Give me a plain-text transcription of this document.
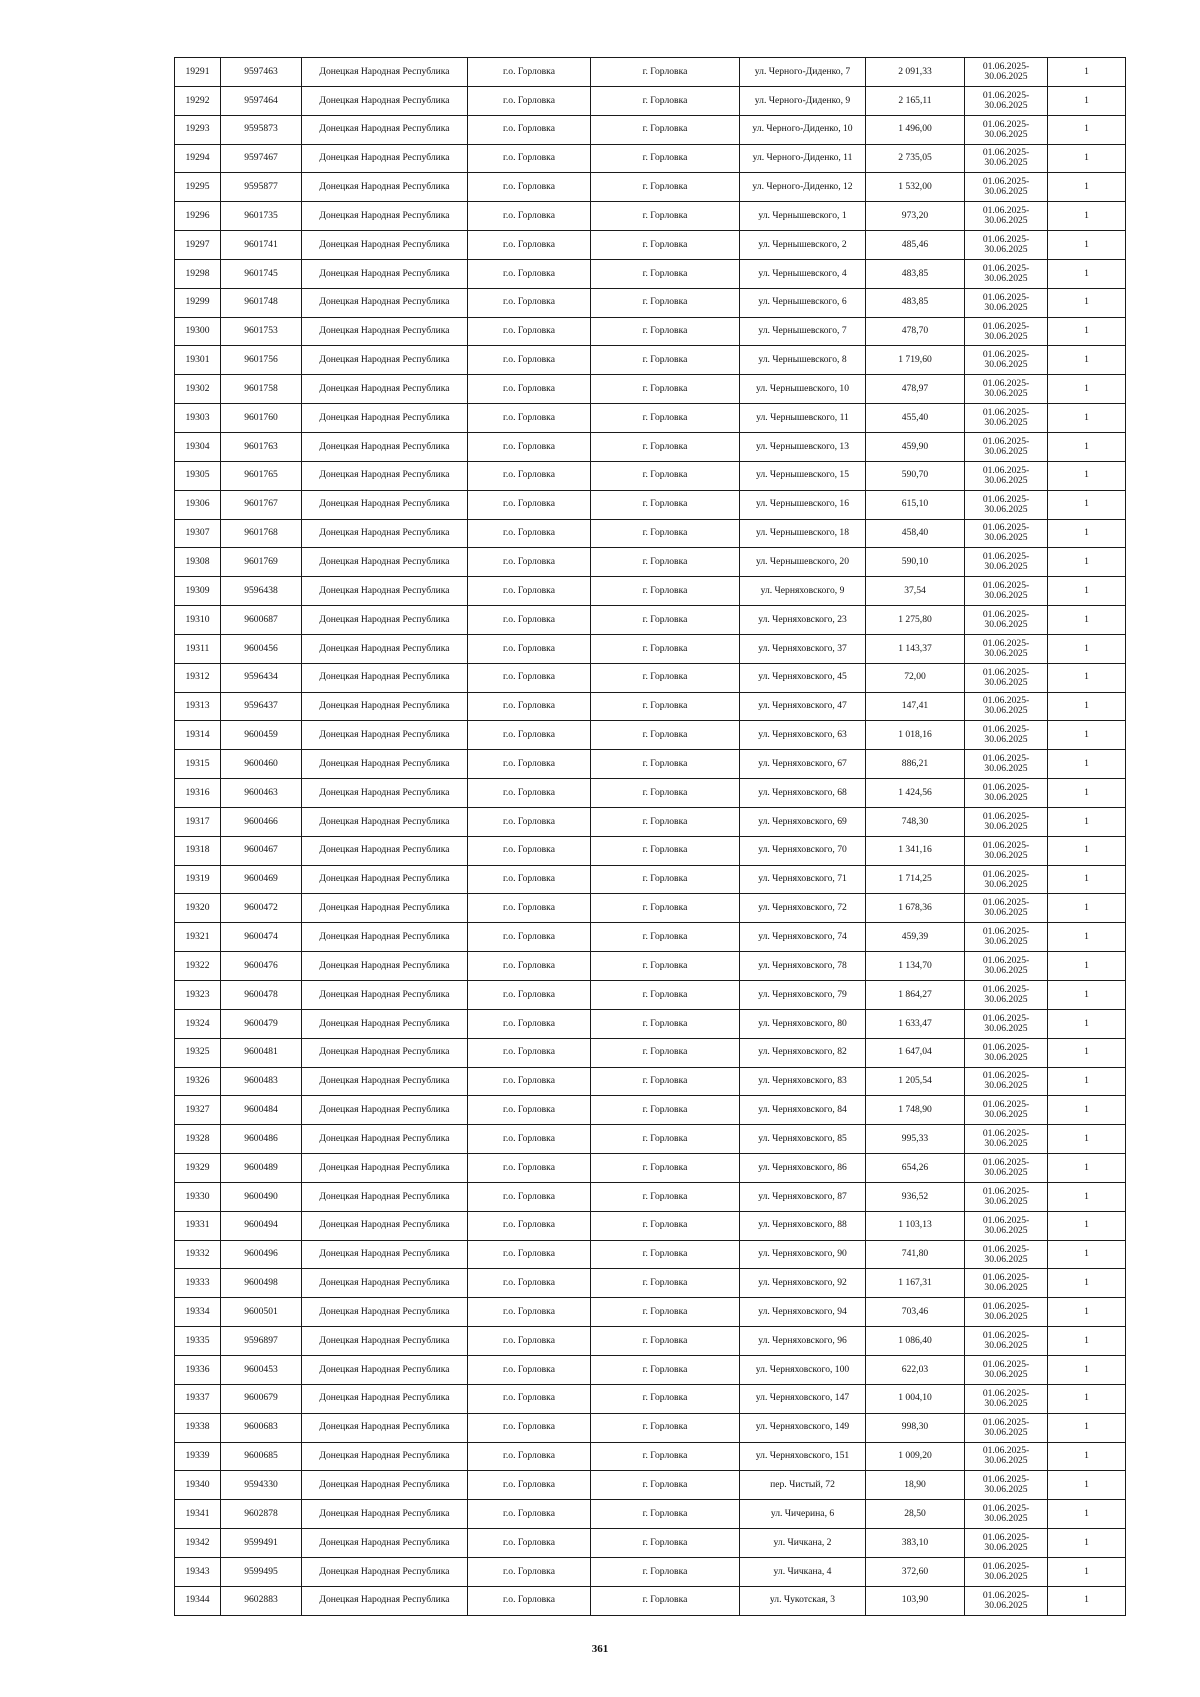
19291	9597463	Донецкая Народная Республика	г.о. Горловка	г. Горловка	ул. Черного-Диденко, 7	2 091,33	01.06.2025-30.06.2025	1
19292	9597464	Донецкая Народная Республика	г.о. Горловка	г. Горловка	ул. Черного-Диденко, 9	2 165,11	01.06.2025-30.06.2025	1
19293	9595873	Донецкая Народная Республика	г.о. Горловка	г. Горловка	ул. Черного-Диденко, 10	1 496,00	01.06.2025-30.06.2025	1
19294	9597467	Донецкая Народная Республика	г.о. Горловка	г. Горловка	ул. Черного-Диденко, 11	2 735,05	01.06.2025-30.06.2025	1
19295	9595877	Донецкая Народная Республика	г.о. Горловка	г. Горловка	ул. Черного-Диденко, 12	1 532,00	01.06.2025-30.06.2025	1
19296	9601735	Донецкая Народная Республика	г.о. Горловка	г. Горловка	ул. Чернышевского, 1	973,20	01.06.2025-30.06.2025	1
19297	9601741	Донецкая Народная Республика	г.о. Горловка	г. Горловка	ул. Чернышевского, 2	485,46	01.06.2025-30.06.2025	1
19298	9601745	Донецкая Народная Республика	г.о. Горловка	г. Горловка	ул. Чернышевского, 4	483,85	01.06.2025-30.06.2025	1
19299	9601748	Донецкая Народная Республика	г.о. Горловка	г. Горловка	ул. Чернышевского, 6	483,85	01.06.2025-30.06.2025	1
19300	9601753	Донецкая Народная Республика	г.о. Горловка	г. Горловка	ул. Чернышевского, 7	478,70	01.06.2025-30.06.2025	1
19301	9601756	Донецкая Народная Республика	г.о. Горловка	г. Горловка	ул. Чернышевского, 8	1 719,60	01.06.2025-30.06.2025	1
19302	9601758	Донецкая Народная Республика	г.о. Горловка	г. Горловка	ул. Чернышевского, 10	478,97	01.06.2025-30.06.2025	1
19303	9601760	Донецкая Народная Республика	г.о. Горловка	г. Горловка	ул. Чернышевского, 11	455,40	01.06.2025-30.06.2025	1
19304	9601763	Донецкая Народная Республика	г.о. Горловка	г. Горловка	ул. Чернышевского, 13	459,90	01.06.2025-30.06.2025	1
19305	9601765	Донецкая Народная Республика	г.о. Горловка	г. Горловка	ул. Чернышевского, 15	590,70	01.06.2025-30.06.2025	1
19306	9601767	Донецкая Народная Республика	г.о. Горловка	г. Горловка	ул. Чернышевского, 16	615,10	01.06.2025-30.06.2025	1
19307	9601768	Донецкая Народная Республика	г.о. Горловка	г. Горловка	ул. Чернышевского, 18	458,40	01.06.2025-30.06.2025	1
19308	9601769	Донецкая Народная Республика	г.о. Горловка	г. Горловка	ул. Чернышевского, 20	590,10	01.06.2025-30.06.2025	1
19309	9596438	Донецкая Народная Республика	г.о. Горловка	г. Горловка	ул. Черняховского, 9	37,54	01.06.2025-30.06.2025	1
19310	9600687	Донецкая Народная Республика	г.о. Горловка	г. Горловка	ул. Черняховского, 23	1 275,80	01.06.2025-30.06.2025	1
19311	9600456	Донецкая Народная Республика	г.о. Горловка	г. Горловка	ул. Черняховского, 37	1 143,37	01.06.2025-30.06.2025	1
19312	9596434	Донецкая Народная Республика	г.о. Горловка	г. Горловка	ул. Черняховского, 45	72,00	01.06.2025-30.06.2025	1
19313	9596437	Донецкая Народная Республика	г.о. Горловка	г. Горловка	ул. Черняховского, 47	147,41	01.06.2025-30.06.2025	1
19314	9600459	Донецкая Народная Республика	г.о. Горловка	г. Горловка	ул. Черняховского, 63	1 018,16	01.06.2025-30.06.2025	1
19315	9600460	Донецкая Народная Республика	г.о. Горловка	г. Горловка	ул. Черняховского, 67	886,21	01.06.2025-30.06.2025	1
19316	9600463	Донецкая Народная Республика	г.о. Горловка	г. Горловка	ул. Черняховского, 68	1 424,56	01.06.2025-30.06.2025	1
19317	9600466	Донецкая Народная Республика	г.о. Горловка	г. Горловка	ул. Черняховского, 69	748,30	01.06.2025-30.06.2025	1
19318	9600467	Донецкая Народная Республика	г.о. Горловка	г. Горловка	ул. Черняховского, 70	1 341,16	01.06.2025-30.06.2025	1
19319	9600469	Донецкая Народная Республика	г.о. Горловка	г. Горловка	ул. Черняховского, 71	1 714,25	01.06.2025-30.06.2025	1
19320	9600472	Донецкая Народная Республика	г.о. Горловка	г. Горловка	ул. Черняховского, 72	1 678,36	01.06.2025-30.06.2025	1
19321	9600474	Донецкая Народная Республика	г.о. Горловка	г. Горловка	ул. Черняховского, 74	459,39	01.06.2025-30.06.2025	1
19322	9600476	Донецкая Народная Республика	г.о. Горловка	г. Горловка	ул. Черняховского, 78	1 134,70	01.06.2025-30.06.2025	1
19323	9600478	Донецкая Народная Республика	г.о. Горловка	г. Горловка	ул. Черняховского, 79	1 864,27	01.06.2025-30.06.2025	1
19324	9600479	Донецкая Народная Республика	г.о. Горловка	г. Горловка	ул. Черняховского, 80	1 633,47	01.06.2025-30.06.2025	1
19325	9600481	Донецкая Народная Республика	г.о. Горловка	г. Горловка	ул. Черняховского, 82	1 647,04	01.06.2025-30.06.2025	1
19326	9600483	Донецкая Народная Республика	г.о. Горловка	г. Горловка	ул. Черняховского, 83	1 205,54	01.06.2025-30.06.2025	1
19327	9600484	Донецкая Народная Республика	г.о. Горловка	г. Горловка	ул. Черняховского, 84	1 748,90	01.06.2025-30.06.2025	1
19328	9600486	Донецкая Народная Республика	г.о. Горловка	г. Горловка	ул. Черняховского, 85	995,33	01.06.2025-30.06.2025	1
19329	9600489	Донецкая Народная Республика	г.о. Горловка	г. Горловка	ул. Черняховского, 86	654,26	01.06.2025-30.06.2025	1
19330	9600490	Донецкая Народная Республика	г.о. Горловка	г. Горловка	ул. Черняховского, 87	936,52	01.06.2025-30.06.2025	1
19331	9600494	Донецкая Народная Республика	г.о. Горловка	г. Горловка	ул. Черняховского, 88	1 103,13	01.06.2025-30.06.2025	1
19332	9600496	Донецкая Народная Республика	г.о. Горловка	г. Горловка	ул. Черняховского, 90	741,80	01.06.2025-30.06.2025	1
19333	9600498	Донецкая Народная Республика	г.о. Горловка	г. Горловка	ул. Черняховского, 92	1 167,31	01.06.2025-30.06.2025	1
19334	9600501	Донецкая Народная Республика	г.о. Горловка	г. Горловка	ул. Черняховского, 94	703,46	01.06.2025-30.06.2025	1
19335	9596897	Донецкая Народная Республика	г.о. Горловка	г. Горловка	ул. Черняховского, 96	1 086,40	01.06.2025-30.06.2025	1
19336	9600453	Донецкая Народная Республика	г.о. Горловка	г. Горловка	ул. Черняховского, 100	622,03	01.06.2025-30.06.2025	1
19337	9600679	Донецкая Народная Республика	г.о. Горловка	г. Горловка	ул. Черняховского, 147	1 004,10	01.06.2025-30.06.2025	1
19338	9600683	Донецкая Народная Республика	г.о. Горловка	г. Горловка	ул. Черняховского, 149	998,30	01.06.2025-30.06.2025	1
19339	9600685	Донецкая Народная Республика	г.о. Горловка	г. Горловка	ул. Черняховского, 151	1 009,20	01.06.2025-30.06.2025	1
19340	9594330	Донецкая Народная Республика	г.о. Горловка	г. Горловка	пер. Чистый, 72	18,90	01.06.2025-30.06.2025	1
19341	9602878	Донецкая Народная Республика	г.о. Горловка	г. Горловка	ул. Чичерина, 6	28,50	01.06.2025-30.06.2025	1
19342	9599491	Донецкая Народная Республика	г.о. Горловка	г. Горловка	ул. Чичкана, 2	383,10	01.06.2025-30.06.2025	1
19343	9599495	Донецкая Народная Республика	г.о. Горловка	г. Горловка	ул. Чичкана, 4	372,60	01.06.2025-30.06.2025	1
19344	9602883	Донецкая Народная Республика	г.о. Горловка	г. Горловка	ул. Чукотская, 3	103,90	01.06.2025-30.06.2025	1
361
